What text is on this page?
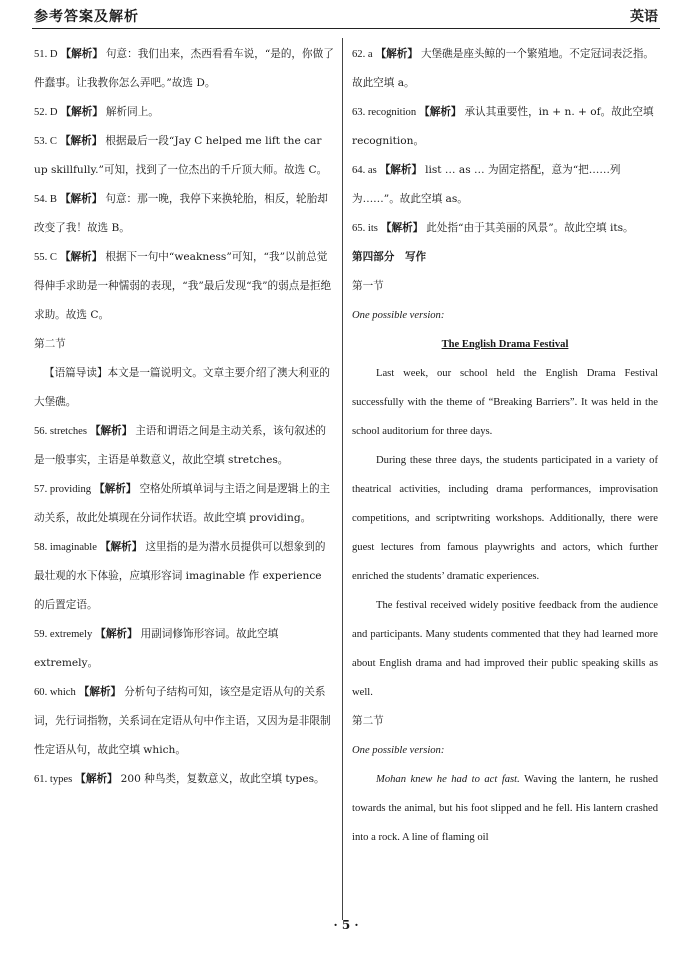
参考答案及解析	英语

51. D 【解析】 句意：我们出来，杰西看看车说，“是的，你做了件蠢事。让我教你怎么弄吧。”故选 D。

52. D 【解析】 解析同上。

53. C 【解析】 根据最后一段“Jay C helped me lift the car up skillfully.”可知，找到了一位杰出的千斤顶大师。故选 C。

54. B 【解析】 句意：那一晚，我停下来换轮胎，相反，轮胎却改变了我！故选 B。

55. C 【解析】 根据下一句中“weakness”可知，“我”以前总觉得伸手求助是一种懦弱的表现，“我”最后发现“我”的弱点是拒绝求助。故选 C。

第二节

【语篇导读】本文是一篇说明文。文章主要介绍了澳大利亚的大堡礁。

56. stretches 【解析】 主语和谓语之间是主动关系，该句叙述的是一般事实，主语是单数意义，故此空填 stretches。

57. providing 【解析】 空格处所填单词与主语之间是逻辑上的主动关系，故此处填现在分词作状语。故此空填 providing。

58. imaginable 【解析】 这里指的是为潜水员提供可以想象到的最壮观的水下体验，应填形容词 imaginable 作 experience 的后置定语。

59. extremely 【解析】 用副词修饰形容词。故此空填 extremely。

60. which 【解析】 分析句子结构可知，该空是定语从句的关系词，先行词指物，关系词在定语从句中作主语，又因为是非限制性定语从句，故此空填 which。

61. types 【解析】 200 种鸟类，复数意义，故此空填 types。

62. a 【解析】 大堡礁是座头鲸的一个繁殖地。不定冠词表泛指。故此空填 a。

63. recognition 【解析】 承认其重要性，in + n. + of。故此空填 recognition。

64. as 【解析】 list … as … 为固定搭配，意为“把……列为……”。故此空填 as。

65. its 【解析】 此处指“由于其美丽的风景”。故此空填 its。

第四部分　写作

第一节

One possible version:

The English Drama Festival

Last week, our school held the English Drama Festival successfully with the theme of “Breaking Barriers”. It was held in the school auditorium for three days.

During these three days, the students participated in a variety of theatrical activities, including drama performances, improvisation competitions, and scriptwriting workshops. Additionally, there were guest lectures from famous playwrights and actors, which further enriched the students’ dramatic experiences.

The festival received widely positive feedback from the audience and participants. Many students commented that they had learned more about English drama and had improved their public speaking skills as well.

第二节

One possible version:

Mohan knew he had to act fast. Waving the lantern, he rushed towards the animal, but his foot slipped and he fell. His lantern crashed into a rock. A line of flaming oil

· 5 ·
